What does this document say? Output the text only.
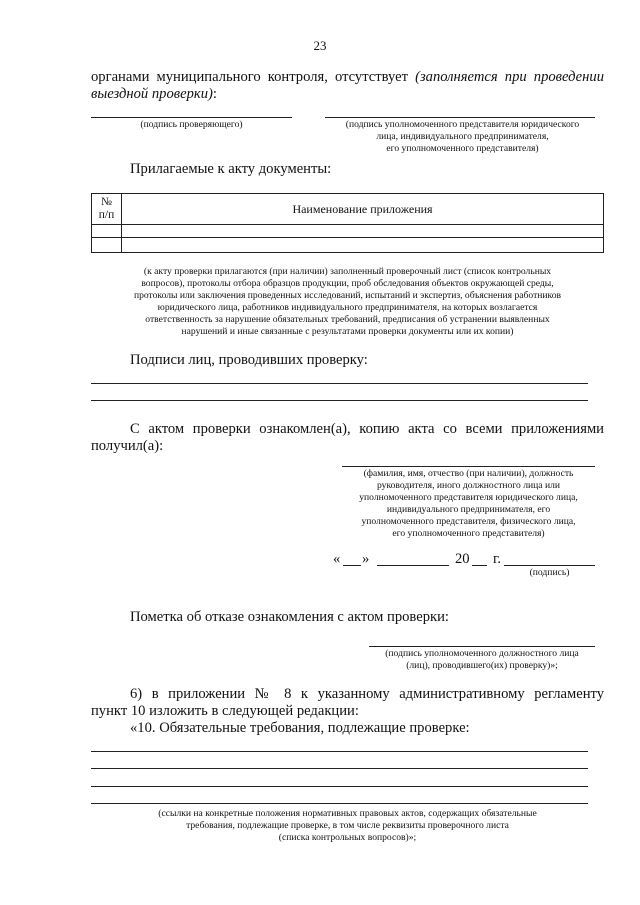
23
органами муниципального контроля, отсутствует (заполняется при проведении
выездной проверки):
(подпись проверяющего)	(подпись уполномоченного представителя юридического
лица, индивидуального предпринимателя,
его уполномоченного представителя)
Прилагаемые к акту документы:
№
п/п	Наименование приложения

(к акту проверки прилагаются (при наличии) заполненный проверочный лист (список контрольных
вопросов), протоколы отбора образцов продукции, проб обследования объектов окружающей среды,
протоколы или заключения проведенных исследований, испытаний и экспертиз, объяснения работников
юридического лица, работников индивидуального предпринимателя, на которых возлагается
ответственность за нарушение обязательных требований, предписания об устранении выявленных
нарушений и иные связанные с результатами проверки документы или их копии)
Подписи лиц, проводивших проверку:
С актом проверки ознакомлен(а), копию акта со всеми приложениями
получил(а):
(фамилия, имя, отчество (при наличии), должность
руководителя, иного должностного лица или
уполномоченного представителя юридического лица,
индивидуального предпринимателя, его
уполномоченного представителя, физического лица,
его уполномоченного представителя)
« »	20 г.
(подпись)
Пометка об отказе ознакомления с актом проверки:
(подпись уполномоченного должностного лица
(лиц), проводившего(их) проверку)»;
6) в приложении № 8 к указанному административному регламенту
пункт 10 изложить в следующей редакции:
«10. Обязательные требования, подлежащие проверке:
(ссылки на конкретные положения нормативных правовых актов, содержащих обязательные
требования, подлежащие проверке, в том числе реквизиты проверочного листа
(списка контрольных вопросов)»;
